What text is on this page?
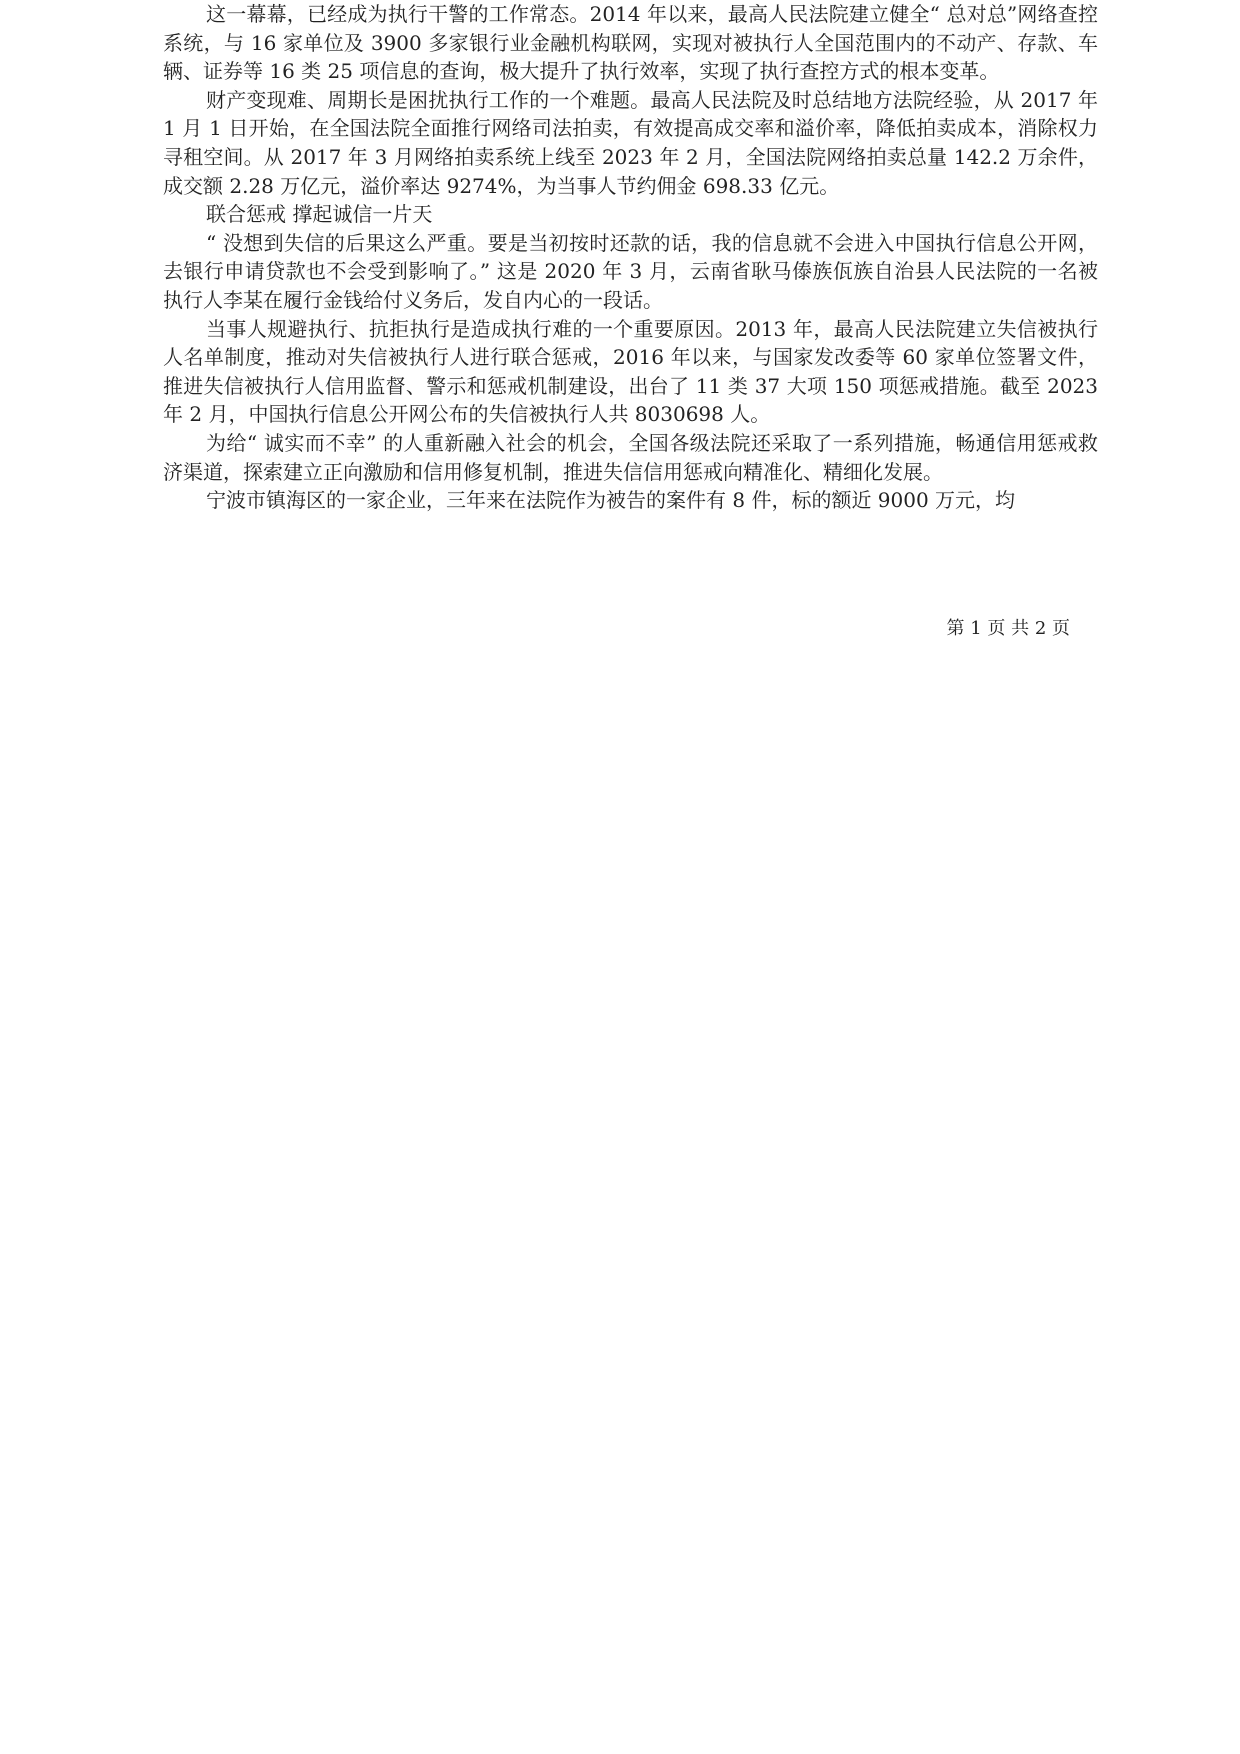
这一幕幕，已经成为执行干警的工作常态。2014 年以来，最高人民法院建立健全“ 总对总”网络查控系统，与 16 家单位及 3900 多家银行业金融机构联网，实现对被执行人全国范围内的不动产、存款、车辆、证券等 16 类 25 项信息的查询，极大提升了执行效率，实现了执行查控方式的根本变革。

财产变现难、周期长是困扰执行工作的一个难题。最高人民法院及时总结地方法院经验，从 2017 年 1 月 1 日开始，在全国法院全面推行网络司法拍卖，有效提高成交率和溢价率，降低拍卖成本，消除权力寻租空间。从 2017 年 3 月网络拍卖系统上线至 2023 年 2 月，全国法院网络拍卖总量 142.2 万余件，成交额 2.28 万亿元，溢价率达 9274%，为当事人节约佣金 698.33 亿元。

联合惩戒 撑起诚信一片天

“ 没想到失信的后果这么严重。要是当初按时还款的话，我的信息就不会进入中国执行信息公开网，去银行申请贷款也不会受到影响了。” 这是 2020 年 3 月，云南省耿马傣族佤族自治县人民法院的一名被执行人李某在履行金钱给付义务后，发自内心的一段话。

当事人规避执行、抗拒执行是造成执行难的一个重要原因。2013 年，最高人民法院建立失信被执行人名单制度，推动对失信被执行人进行联合惩戒，2016 年以来，与国家发改委等 60 家单位签署文件，推进失信被执行人信用监督、警示和惩戒机制建设，出台了 11 类 37 大项 150 项惩戒措施。截至 2023 年 2 月，中国执行信息公开网公布的失信被执行人共 8030698 人。

为给“ 诚实而不幸” 的人重新融入社会的机会，全国各级法院还采取了一系列措施，畅通信用惩戒救济渠道，探索建立正向激励和信用修复机制，推进失信信用惩戒向精准化、精细化发展。

宁波市镇海区的一家企业，三年来在法院作为被告的案件有 8 件，标的额近 9000 万元，均

第 1 页 共 2 页
